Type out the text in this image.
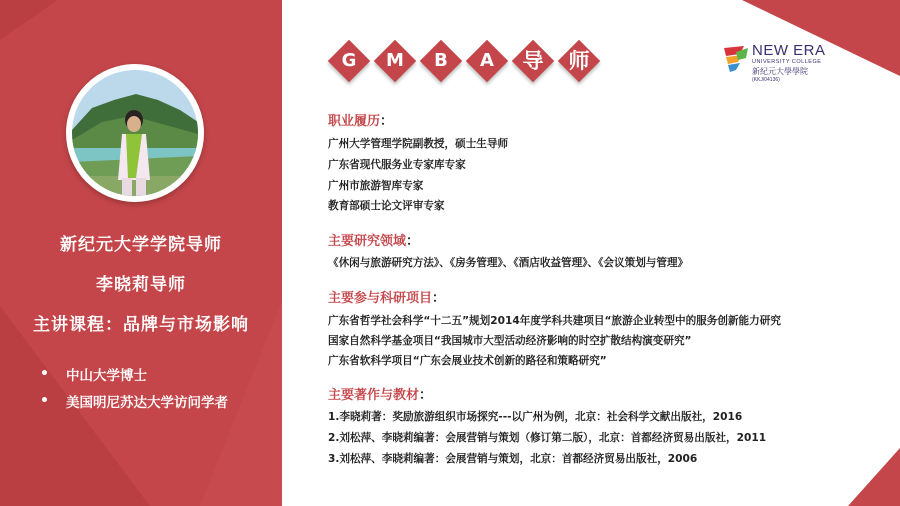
新纪元大学学院导师
李晓莉导师
主讲课程：品牌与市场影响
•	中山大学博士
•	美国明尼苏达大学访问学者
G	M	B	A	导	师	NEW ERA
UNIVERSITY COLLEGE
新紀元大學學院
(KKJ/04136)
职业履历：
广州大学管理学院副教授，硕士生导师
广东省现代服务业专家库专家
广州市旅游智库专家
教育部硕士论文评审专家
主要研究领域：
《休闲与旅游研究方法》、《房务管理》、《酒店收益管理》、《会议策划与管理》
主要参与科研项目：
广东省哲学社会科学“十二五”规划2014年度学科共建项目“旅游企业转型中的服务创新能力研究
国家自然科学基金项目“我国城市大型活动经济影响的时空扩散结构演变研究”
广东省软科学项目“广东会展业技术创新的路径和策略研究”
主要著作与教材：
1.李晓莉著：奖励旅游组织市场探究---以广州为例，北京：社会科学文献出版社，2016
2.刘松萍、李晓莉编著：会展营销与策划（修订第二版），北京：首都经济贸易出版社，2011
3.刘松萍、李晓莉编著：会展营销与策划，北京：首都经济贸易出版社，2006
